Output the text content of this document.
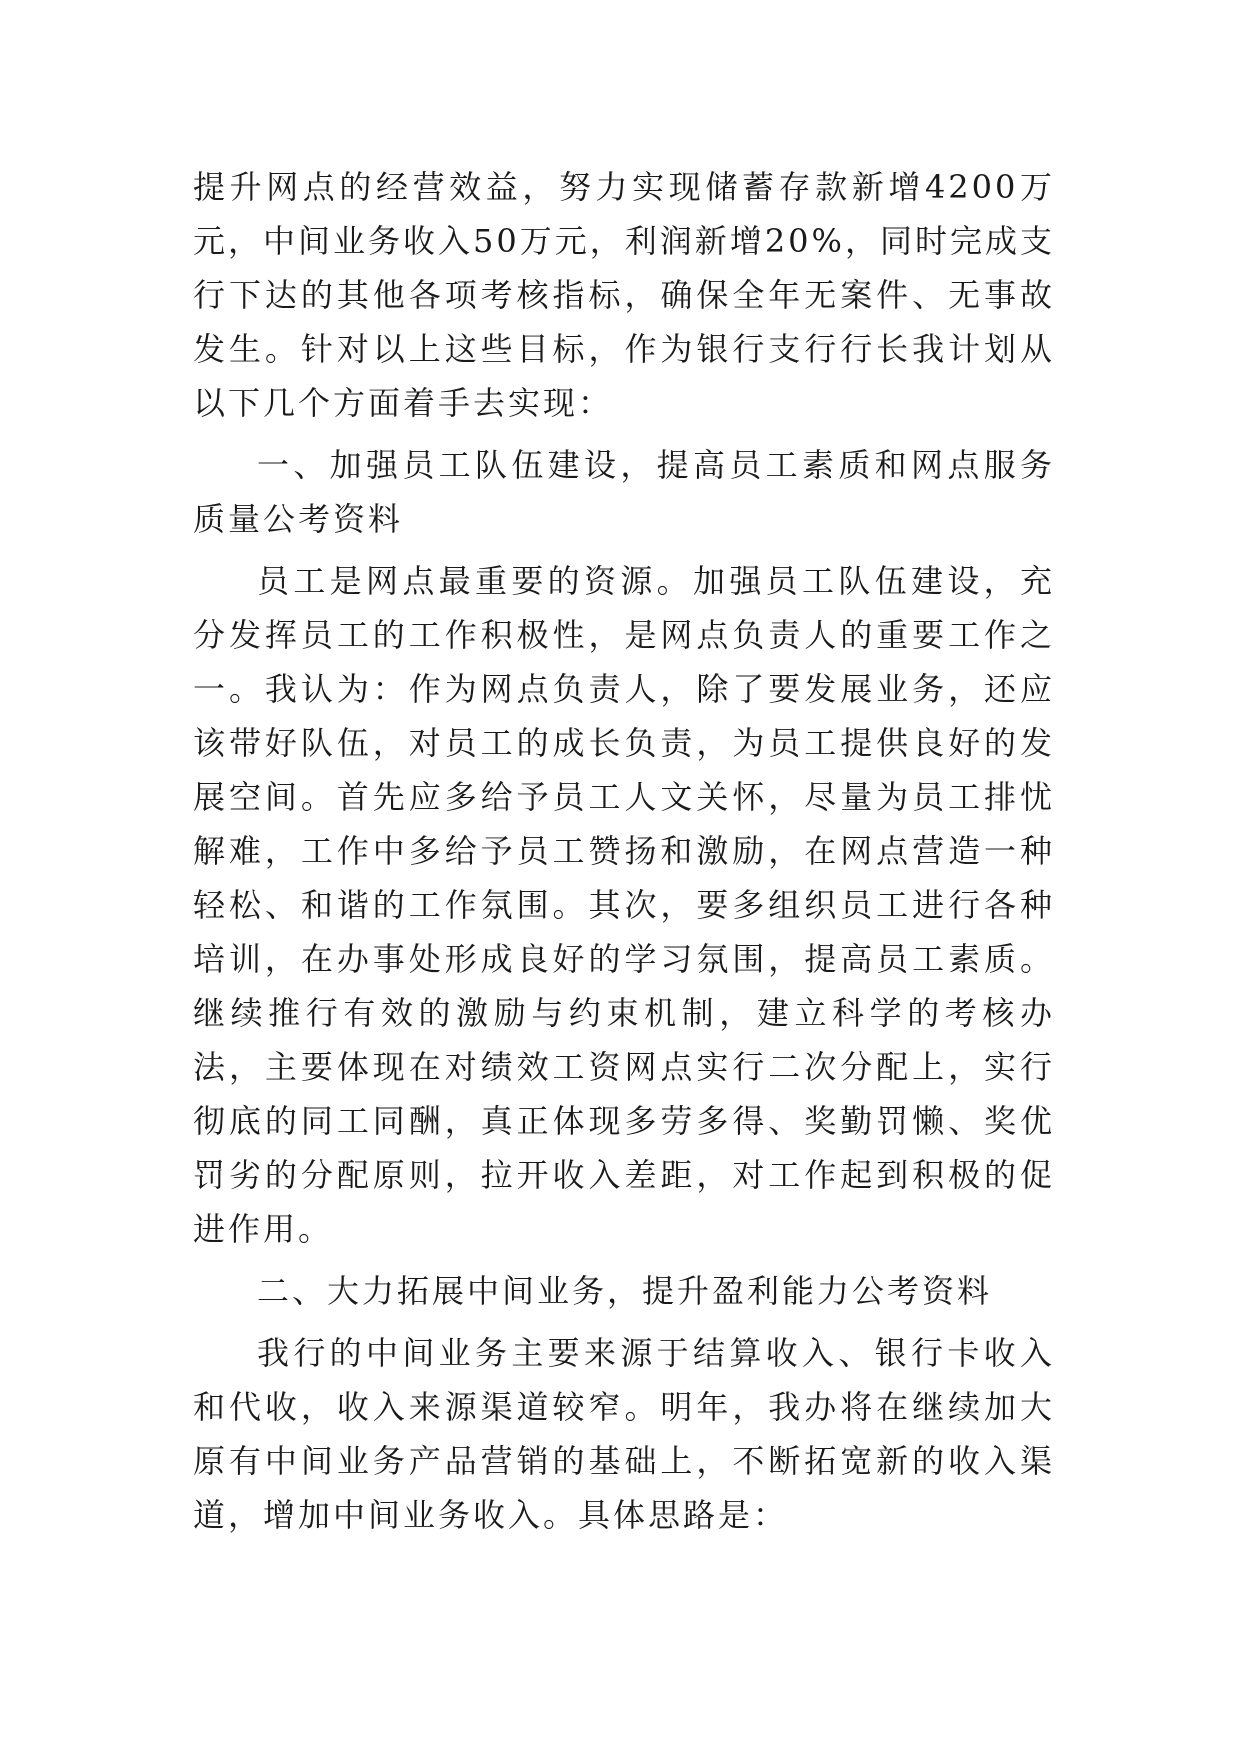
提升网点的经营效益，努力实现储蓄存款新增4200万元，中间业务收入50万元，利润新增20%，同时完成支行下达的其他各项考核指标，确保全年无案件、无事故发生。针对以上这些目标，作为银行支行行长我计划从以下几个方面着手去实现：

一、加强员工队伍建设，提高员工素质和网点服务质量公考资料

员工是网点最重要的资源。加强员工队伍建设，充分发挥员工的工作积极性，是网点负责人的重要工作之一。我认为：作为网点负责人，除了要发展业务，还应该带好队伍，对员工的成长负责，为员工提供良好的发展空间。首先应多给予员工人文关怀，尽量为员工排忧解难，工作中多给予员工赞扬和激励，在网点营造一种轻松、和谐的工作氛围。其次，要多组织员工进行各种培训，在办事处形成良好的学习氛围，提高员工素质。继续推行有效的激励与约束机制，建立科学的考核办法，主要体现在对绩效工资网点实行二次分配上，实行彻底的同工同酬，真正体现多劳多得、奖勤罚懒、奖优罚劣的分配原则，拉开收入差距，对工作起到积极的促进作用。

二、大力拓展中间业务，提升盈利能力公考资料

我行的中间业务主要来源于结算收入、银行卡收入和代收，收入来源渠道较窄。明年，我办将在继续加大原有中间业务产品营销的基础上，不断拓宽新的收入渠道，增加中间业务收入。具体思路是：
